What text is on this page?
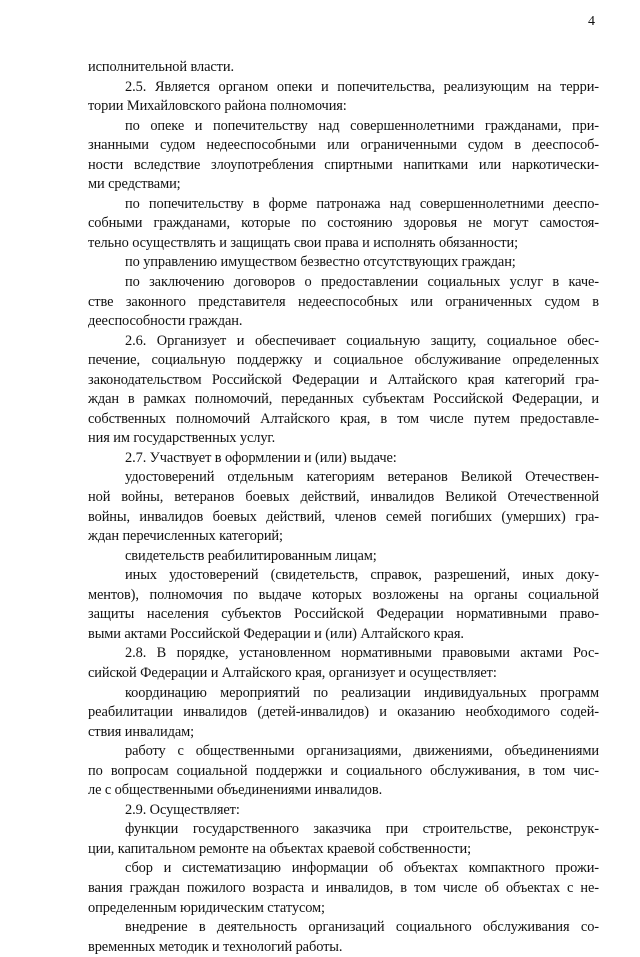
4
исполнительной власти.
2.5. Является органом опеки и попечительства, реализующим на терри-
тории Михайловского района полномочия:
по опеке и попечительству над совершеннолетними гражданами, при-
знанными судом недееспособными или ограниченными судом в дееспособ-
ности вследствие злоупотребления спиртными напитками или наркотически-
ми средствами;
по попечительству в форме патронажа над совершеннолетними дееспо-
собными гражданами, которые по состоянию здоровья не могут самостоя-
тельно осуществлять и защищать свои права и исполнять обязанности;
по управлению имуществом безвестно отсутствующих граждан;
по заключению договоров о предоставлении социальных услуг в каче-
стве законного представителя недееспособных или ограниченных судом в
дееспособности граждан.
2.6. Организует и обеспечивает социальную защиту, социальное обес-
печение, социальную поддержку и социальное обслуживание определенных
законодательством Российской Федерации и Алтайского края категорий гра-
ждан в рамках полномочий, переданных субъектам Российской Федерации, и
собственных полномочий Алтайского края, в том числе путем предоставле-
ния им государственных услуг.
2.7. Участвует в оформлении и (или) выдаче:
удостоверений отдельным категориям ветеранов Великой Отечествен-
ной войны, ветеранов боевых действий, инвалидов Великой Отечественной
войны, инвалидов боевых действий, членов семей погибших (умерших) гра-
ждан перечисленных категорий;
свидетельств реабилитированным лицам;
иных удостоверений (свидетельств, справок, разрешений, иных доку-
ментов), полномочия по выдаче которых возложены на органы социальной
защиты населения субъектов Российской Федерации нормативными право-
выми актами Российской Федерации и (или) Алтайского края.
2.8. В порядке, установленном нормативными правовыми актами Рос-
сийской Федерации и Алтайского края, организует и осуществляет:
координацию мероприятий по реализации индивидуальных программ
реабилитации инвалидов (детей-инвалидов) и оказанию необходимого содей-
ствия инвалидам;
работу с общественными организациями, движениями, объединениями
по вопросам социальной поддержки и социального обслуживания, в том чис-
ле с общественными объединениями инвалидов.
2.9. Осуществляет:
функции государственного заказчика при строительстве, реконструк-
ции, капитальном ремонте на объектах краевой собственности;
сбор и систематизацию информации об объектах компактного прожи-
вания граждан пожилого возраста и инвалидов, в том числе об объектах с не-
определенным юридическим статусом;
внедрение в деятельность организаций социального обслуживания со-
временных методик и технологий работы.
